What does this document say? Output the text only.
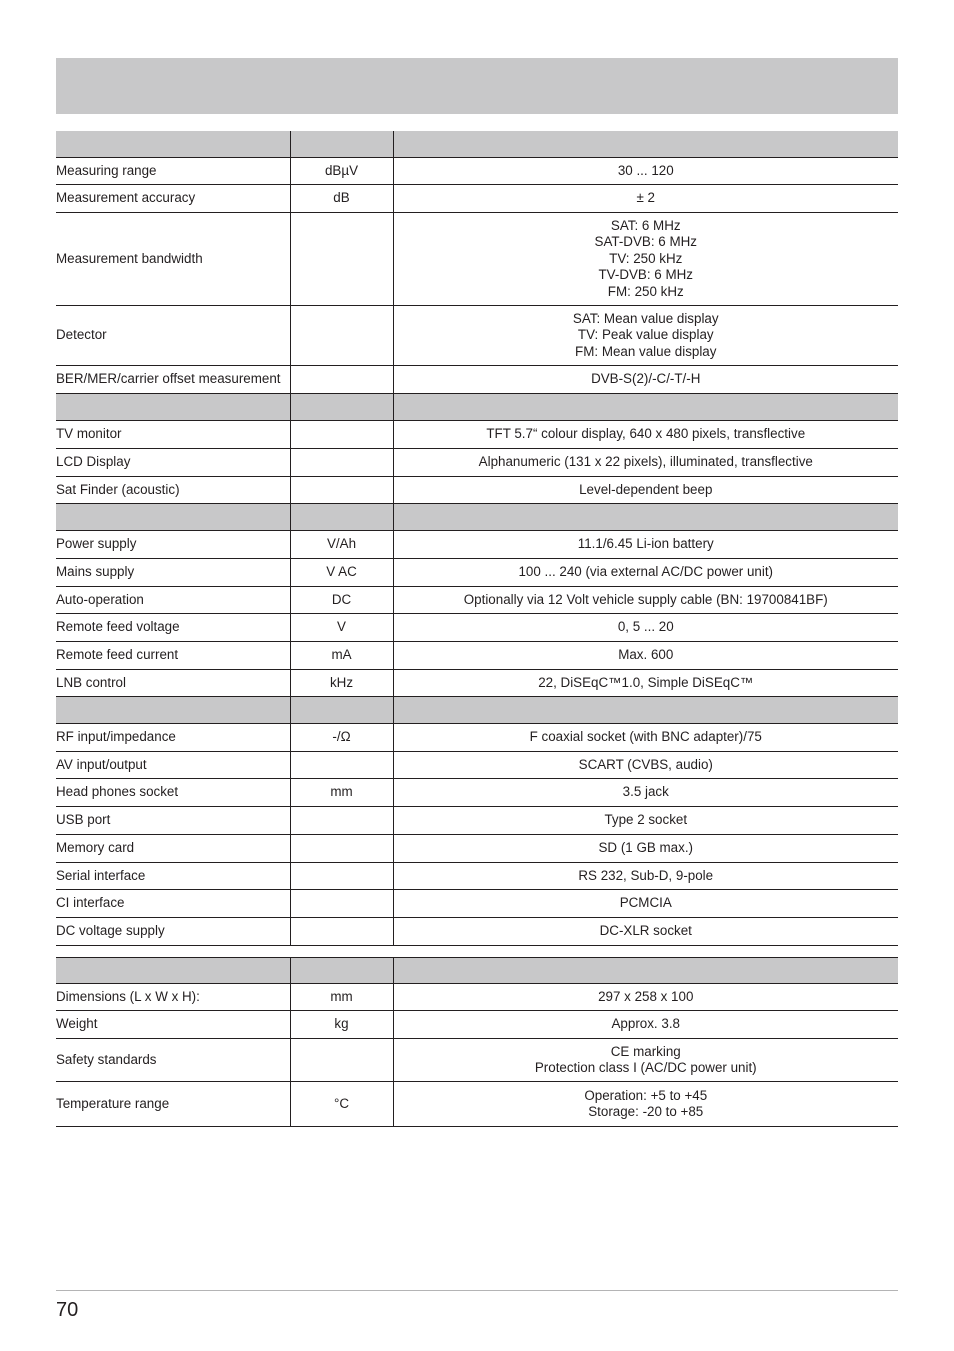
Measuring range	dBµV	30 ... 120

Measurement accuracy	dB	± 2

Measurement bandwidth		SAT: 6 MHz
SAT-DVB: 6 MHz
TV: 250 kHz
TV-DVB: 6 MHz
FM: 250 kHz

Detector		SAT: Mean value display
TV: Peak value display
FM: Mean value display

BER/MER/carrier offset measurement		DVB-S(2)/-C/-T/-H

TV monitor		TFT 5.7“ colour display, 640 x 480 pixels, transflective

LCD Display		Alphanumeric (131 x 22 pixels), illuminated, transflective

Sat Finder (acoustic)		Level-dependent beep

Power supply	V/Ah	11.1/6.45 Li-ion battery

Mains supply	V AC	100 ... 240 (via external AC/DC power unit)

Auto-operation	DC	Optionally via 12 Volt vehicle supply cable (BN: 19700841BF)

Remote feed voltage	V	0, 5 ... 20

Remote feed current	mA	Max. 600

LNB control	kHz	22, DiSEqC™1.0, Simple DiSEqC™

RF input/impedance	-/Ω	F coaxial socket (with BNC adapter)/75

AV input/output		SCART (CVBS, audio)

Head phones socket	mm	3.5 jack

USB port		Type 2 socket

Memory card		SD (1 GB max.)

Serial interface		RS 232, Sub-D, 9-pole

CI interface		PCMCIA

DC voltage supply		DC-XLR socket

Dimensions (L x W x H):	mm	297 x 258 x 100

Weight	kg	Approx. 3.8

Safety standards		CE marking
Protection class I (AC/DC power unit)

Temperature range	°C	Operation: +5 to +45
Storage: -20 to +85
70
